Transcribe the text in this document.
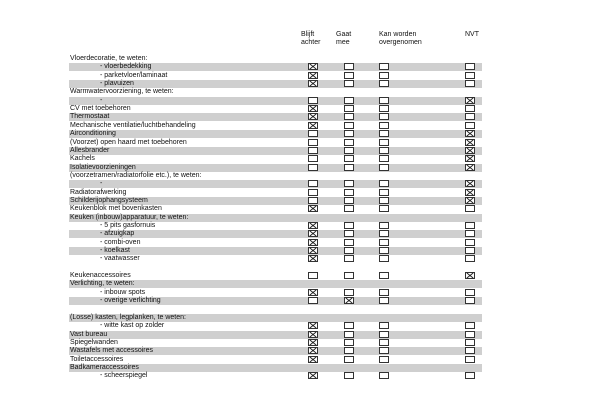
Blijft
achter
Gaat
mee
Kan worden
overgenomen
NVT
Vloerdecoratie, te weten:
- vloerbedekking
- parketvloer/laminaat
- plavuizen
Warmwatervoorziening, te weten:
-
CV met toebehoren
Thermostaat
Mechanische ventilatie/luchtbehandeling
Airconditioning
(Voorzet) open haard met toebehoren
Allesbrander
Kachels
Isolatievoorzieningen
(voorzetramen/radiatorfolie etc.), te weten:
-
Radiatorafwerking
Schilderijophangsysteem
Keukenblok met bovenkasten
Keuken (inbouw)apparatuur, te weten:
- 5 pits gasfornuis
- afzuigkap
- combi-oven
- koelkast
- vaatwasser
Keukenaccessoires
Verlichting, te weten:
- inbouw spots
- overige verlichting
(Losse) kasten, legplanken, te weten:
- witte kast op zolder
Vast bureau
Spiegelwanden
Wastafels met accessoires
Toiletaccessoires
Badkameraccessoires
- scheerspiegel
